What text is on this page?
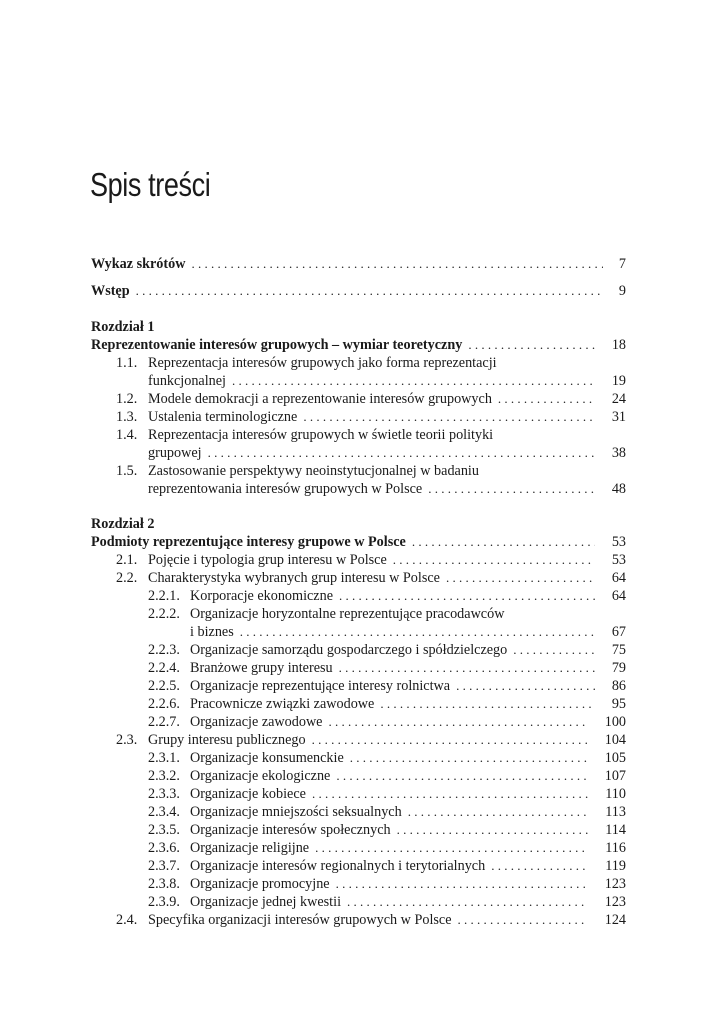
Spis treści
Wykaz skrótów . . .	7
Wstęp . . .	9
Rozdział 1
Reprezentowanie interesów grupowych – wymiar teoretyczny . . .	18
1.1. Reprezentacja interesów grupowych jako forma reprezentacji
funkcjonalnej . . .	19
1.2. Modele demokracji a reprezentowanie interesów grupowych . . .	24
1.3. Ustalenia terminologiczne . . .	31
1.4. Reprezentacja interesów grupowych w świetle teorii polityki
grupowej . . .	38
1.5. Zastosowanie perspektywy neoinstytucjonalnej w badaniu
reprezentowania interesów grupowych w Polsce . . .	48
Rozdział 2
Podmioty reprezentujące interesy grupowe w Polsce . . .	53
2.1. Pojęcie i typologia grup interesu w Polsce . . .	53
2.2. Charakterystyka wybranych grup interesu w Polsce . . .	64
2.2.1. Korporacje ekonomiczne . . .	64
2.2.2. Organizacje horyzontalne reprezentujące pracodawców
i biznes . . .	67
2.2.3. Organizacje samorządu gospodarczego i spółdzielczego . . .	75
2.2.4. Branżowe grupy interesu . . .	79
2.2.5. Organizacje reprezentujące interesy rolnictwa . . .	86
2.2.6. Pracownicze związki zawodowe . . .	95
2.2.7. Organizacje zawodowe . . .	100
2.3. Grupy interesu publicznego . . .	104
2.3.1. Organizacje konsumenckie . . .	105
2.3.2. Organizacje ekologiczne . . .	107
2.3.3. Organizacje kobiece . . .	110
2.3.4. Organizacje mniejszości seksualnych . . .	113
2.3.5. Organizacje interesów społecznych . . .	114
2.3.6. Organizacje religijne . . .	116
2.3.7. Organizacje interesów regionalnych i terytorialnych . . .	119
2.3.8. Organizacje promocyjne . . .	123
2.3.9. Organizacje jednej kwestii . . .	123
2.4. Specyfika organizacji interesów grupowych w Polsce . . .	124
